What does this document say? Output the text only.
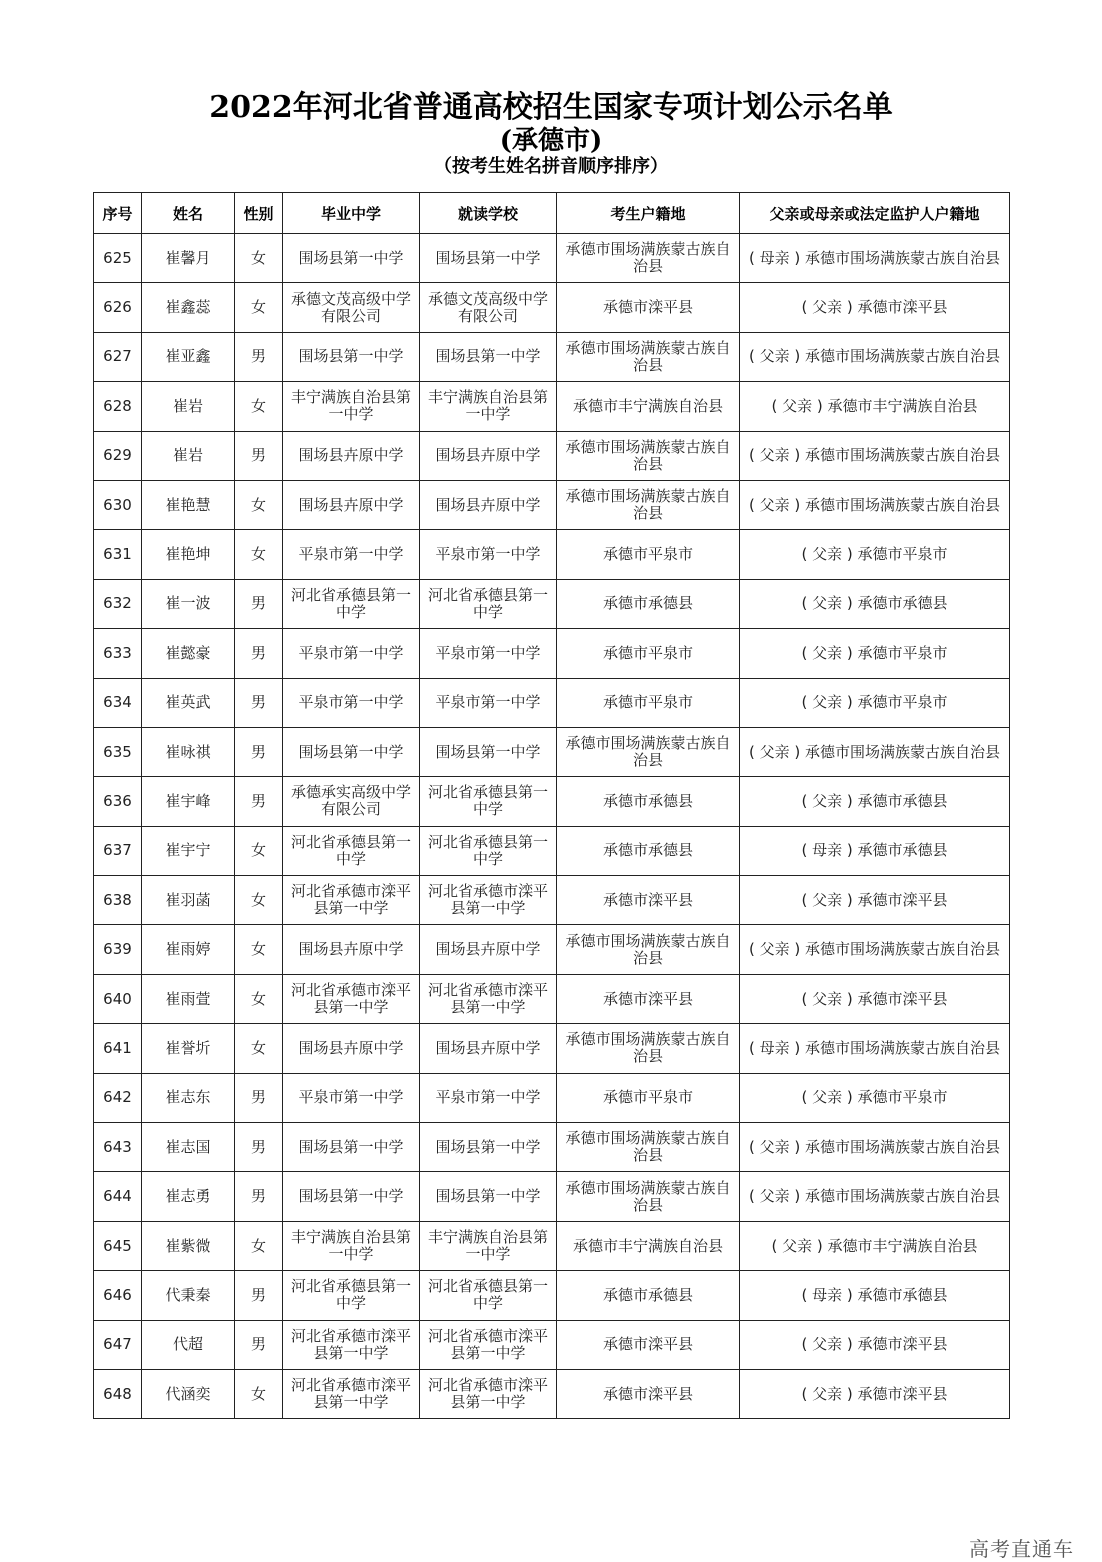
2022年河北省普通高校招生国家专项计划公示名单
(承德市)
（按考生姓名拼音顺序排序）
序号	姓名	性别	毕业中学	就读学校	考生户籍地	父亲或母亲或法定监护人户籍地
625	崔馨月	女	围场县第一中学	围场县第一中学	承德市围场满族蒙古族自治县	( 母亲 ) 承德市围场满族蒙古族自治县
626	崔鑫蕊	女	承德文茂高级中学有限公司	承德文茂高级中学有限公司	承德市滦平县	( 父亲 ) 承德市滦平县
627	崔亚鑫	男	围场县第一中学	围场县第一中学	承德市围场满族蒙古族自治县	( 父亲 ) 承德市围场满族蒙古族自治县
628	崔岩	女	丰宁满族自治县第一中学	丰宁满族自治县第一中学	承德市丰宁满族自治县	( 父亲 ) 承德市丰宁满族自治县
629	崔岩	男	围场县卉原中学	围场县卉原中学	承德市围场满族蒙古族自治县	( 父亲 ) 承德市围场满族蒙古族自治县
630	崔艳慧	女	围场县卉原中学	围场县卉原中学	承德市围场满族蒙古族自治县	( 父亲 ) 承德市围场满族蒙古族自治县
631	崔艳坤	女	平泉市第一中学	平泉市第一中学	承德市平泉市	( 父亲 ) 承德市平泉市
632	崔一波	男	河北省承德县第一中学	河北省承德县第一中学	承德市承德县	( 父亲 ) 承德市承德县
633	崔懿豪	男	平泉市第一中学	平泉市第一中学	承德市平泉市	( 父亲 ) 承德市平泉市
634	崔英武	男	平泉市第一中学	平泉市第一中学	承德市平泉市	( 父亲 ) 承德市平泉市
635	崔咏祺	男	围场县第一中学	围场县第一中学	承德市围场满族蒙古族自治县	( 父亲 ) 承德市围场满族蒙古族自治县
636	崔宇峰	男	承德承实高级中学有限公司	河北省承德县第一中学	承德市承德县	( 父亲 ) 承德市承德县
637	崔宇宁	女	河北省承德县第一中学	河北省承德县第一中学	承德市承德县	( 母亲 ) 承德市承德县
638	崔羽菡	女	河北省承德市滦平县第一中学	河北省承德市滦平县第一中学	承德市滦平县	( 父亲 ) 承德市滦平县
639	崔雨婷	女	围场县卉原中学	围场县卉原中学	承德市围场满族蒙古族自治县	( 父亲 ) 承德市围场满族蒙古族自治县
640	崔雨萱	女	河北省承德市滦平县第一中学	河北省承德市滦平县第一中学	承德市滦平县	( 父亲 ) 承德市滦平县
641	崔誉圻	女	围场县卉原中学	围场县卉原中学	承德市围场满族蒙古族自治县	( 母亲 ) 承德市围场满族蒙古族自治县
642	崔志东	男	平泉市第一中学	平泉市第一中学	承德市平泉市	( 父亲 ) 承德市平泉市
643	崔志国	男	围场县第一中学	围场县第一中学	承德市围场满族蒙古族自治县	( 父亲 ) 承德市围场满族蒙古族自治县
644	崔志勇	男	围场县第一中学	围场县第一中学	承德市围场满族蒙古族自治县	( 父亲 ) 承德市围场满族蒙古族自治县
645	崔紫微	女	丰宁满族自治县第一中学	丰宁满族自治县第一中学	承德市丰宁满族自治县	( 父亲 ) 承德市丰宁满族自治县
646	代秉秦	男	河北省承德县第一中学	河北省承德县第一中学	承德市承德县	( 母亲 ) 承德市承德县
647	代超	男	河北省承德市滦平县第一中学	河北省承德市滦平县第一中学	承德市滦平县	( 父亲 ) 承德市滦平县
648	代涵奕	女	河北省承德市滦平县第一中学	河北省承德市滦平县第一中学	承德市滦平县	( 父亲 ) 承德市滦平县
高考直通车
